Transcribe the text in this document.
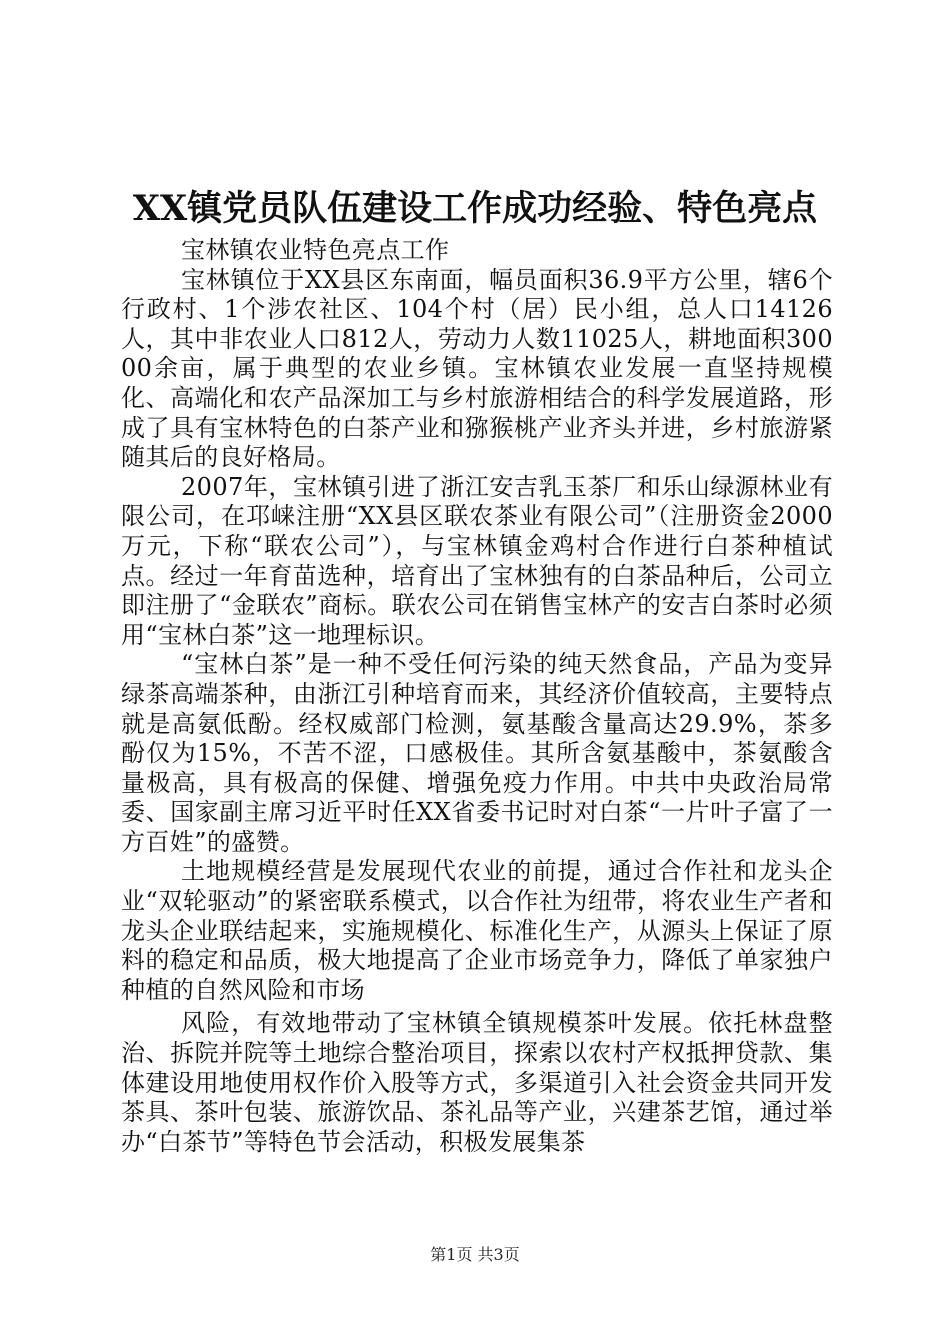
XX镇党员队伍建设工作成功经验、特色亮点

宝林镇农业特色亮点工作

宝林镇位于XX县区东南面，幅员面积36.9平方公里，辖6个行政村、1个涉农社区、104个村（居）民小组，总人口14126人，其中非农业人口812人，劳动力人数11025人，耕地面积30000余亩，属于典型的农业乡镇。宝林镇农业发展一直坚持规模化、高端化和农产品深加工与乡村旅游相结合的科学发展道路，形成了具有宝林特色的白茶产业和猕猴桃产业齐头并进，乡村旅游紧随其后的良好格局。

2007年，宝林镇引进了浙江安吉乳玉茶厂和乐山绿源林业有限公司，在邛崃注册“XX县区联农茶业有限公司”（注册资金2000万元，下称“联农公司”），与宝林镇金鸡村合作进行白茶种植试点。经过一年育苗选种，培育出了宝林独有的白茶品种后，公司立即注册了“金联农”商标。联农公司在销售宝林产的安吉白茶时必须用“宝林白茶”这一地理标识。

“宝林白茶”是一种不受任何污染的纯天然食品，产品为变异绿茶高端茶种，由浙江引种培育而来，其经济价值较高，主要特点就是高氨低酚。经权威部门检测，氨基酸含量高达29.9%，茶多酚仅为15%，不苦不涩，口感极佳。其所含氨基酸中，茶氨酸含量极高，具有极高的保健、增强免疫力作用。中共中央政治局常委、国家副主席习近平时任XX省委书记时对白茶“一片叶子富了一方百姓”的盛赞。

土地规模经营是发展现代农业的前提，通过合作社和龙头企业“双轮驱动”的紧密联系模式，以合作社为纽带，将农业生产者和龙头企业联结起来，实施规模化、标准化生产，从源头上保证了原料的稳定和品质，极大地提高了企业市场竞争力，降低了单家独户种植的自然风险和市场

风险，有效地带动了宝林镇全镇规模茶叶发展。依托林盘整治、拆院并院等土地综合整治项目，探索以农村产权抵押贷款、集体建设用地使用权作价入股等方式，多渠道引入社会资金共同开发茶具、茶叶包装、旅游饮品、茶礼品等产业，兴建茶艺馆，通过举办“白茶节”等特色节会活动，积极发展集茶

第1页 共3页
